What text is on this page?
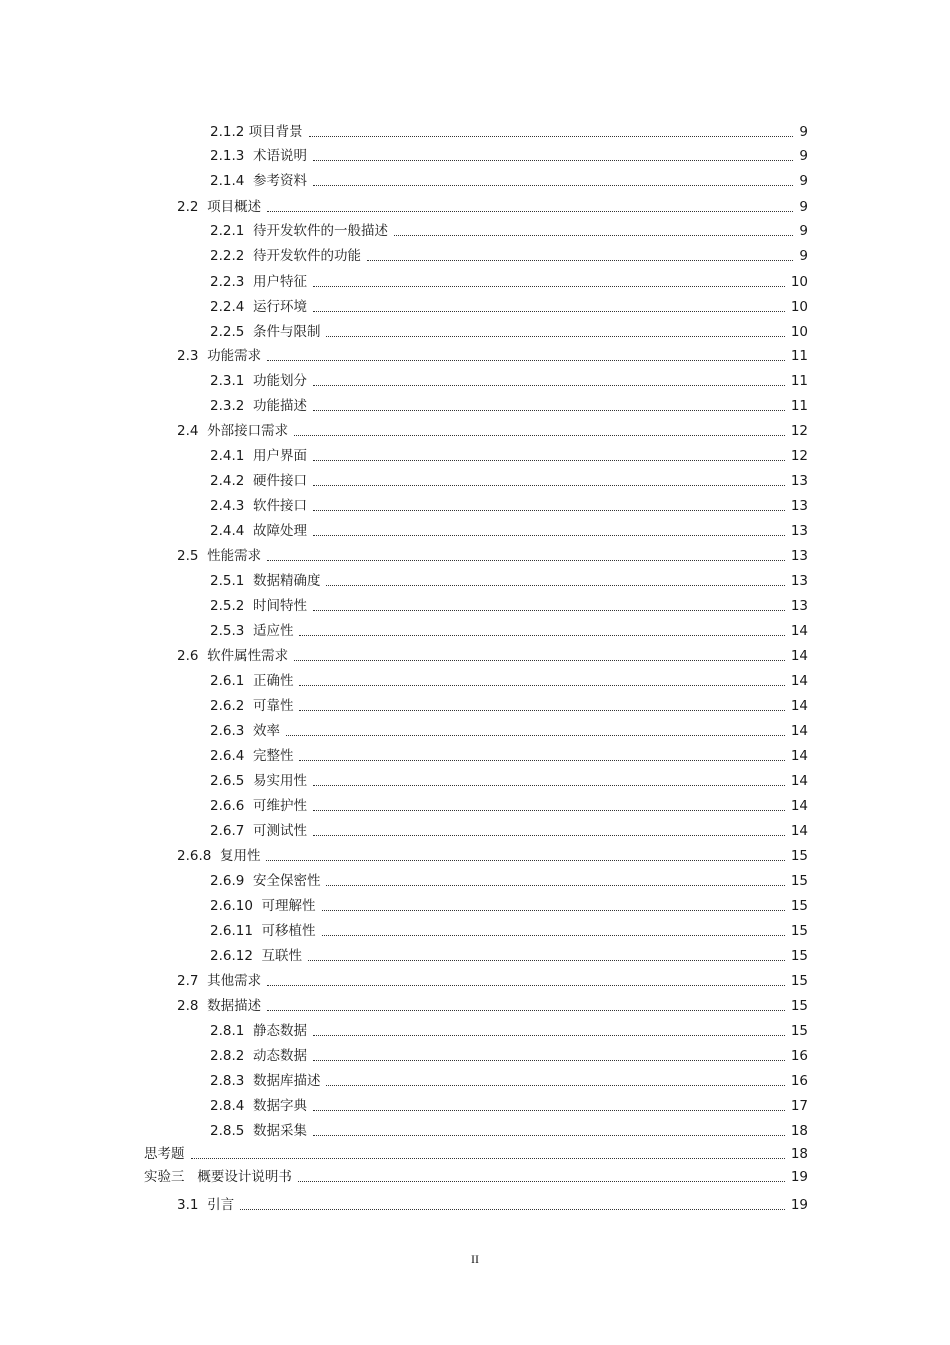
2.1.2 项目背景	9
2.1.3 术语说明	9
2.1.4 参考资料	9
2.2 项目概述	9
2.2.1 待开发软件的一般描述	9
2.2.2 待开发软件的功能	9
2.2.3 用户特征	10
2.2.4 运行环境	10
2.2.5 条件与限制	10
2.3 功能需求	11
2.3.1 功能划分	11
2.3.2 功能描述	11
2.4 外部接口需求	12
2.4.1 用户界面	12
2.4.2 硬件接口	13
2.4.3 软件接口	13
2.4.4 故障处理	13
2.5 性能需求	13
2.5.1 数据精确度	13
2.5.2 时间特性	13
2.5.3 适应性	14
2.6 软件属性需求	14
2.6.1 正确性	14
2.6.2 可靠性	14
2.6.3 效率	14
2.6.4 完整性	14
2.6.5 易实用性	14
2.6.6 可维护性	14
2.6.7 可测试性	14
2.6.8 复用性	15
2.6.9 安全保密性	15
2.6.10 可理解性	15
2.6.11 可移植性	15
2.6.12 互联性	15
2.7 其他需求	15
2.8 数据描述	15
2.8.1 静态数据	15
2.8.2 动态数据	16
2.8.3 数据库描述	16
2.8.4 数据字典	17
2.8.5 数据采集	18
思考题	18
实验三 概要设计说明书	19
3.1 引言	19
II
